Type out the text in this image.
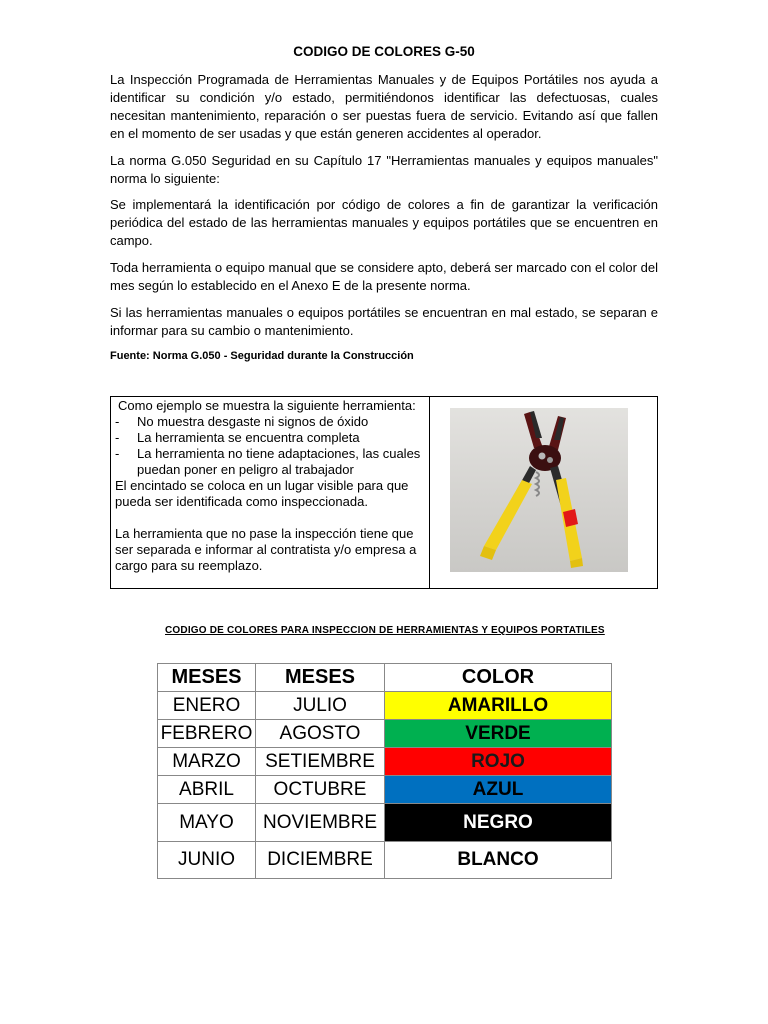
CODIGO DE COLORES G-50

La Inspección Programada de Herramientas Manuales y de Equipos Portátiles nos ayuda a identificar su condición y/o estado, permitiéndonos identificar las defectuosas, cuales necesitan mantenimiento, reparación o ser puestas fuera de servicio. Evitando así que fallen en el momento de ser usadas y que están generen accidentes al operador.

La norma G.050 Seguridad en su Capítulo 17 "Herramientas manuales y equipos manuales" norma lo siguiente:

Se implementará la identificación por código de colores a fin de garantizar la verificación periódica del estado de las herramientas manuales y equipos portátiles que se encuentren en campo.

Toda herramienta o equipo manual que se considere apto, deberá ser marcado con el color del mes según lo establecido en el Anexo E de la presente norma.

Si las herramientas manuales o equipos portátiles se encuentran en mal estado, se separan e informar para su cambio o mantenimiento.

Fuente: Norma G.050 - Seguridad durante la Construcción
Como ejemplo se muestra la siguiente herramienta:
- No muestra desgaste ni signos de óxido
- La herramienta se encuentra completa
- La herramienta no tiene adaptaciones, las cuales puedan poner en peligro al trabajador
El encintado se coloca en un lugar visible para que pueda ser identificada como inspeccionada.
La herramienta que no pase la inspección tiene que ser separada e informar al contratista y/o empresa a cargo para su reemplazo.
CODIGO DE COLORES PARA INSPECCION DE HERRAMIENTAS Y EQUIPOS PORTATILES
MESES	MESES	COLOR
ENERO	JULIO	AMARILLO
FEBRERO	AGOSTO	VERDE
MARZO	SETIEMBRE	ROJO
ABRIL	OCTUBRE	AZUL
MAYO	NOVIEMBRE	NEGRO
JUNIO	DICIEMBRE	BLANCO
